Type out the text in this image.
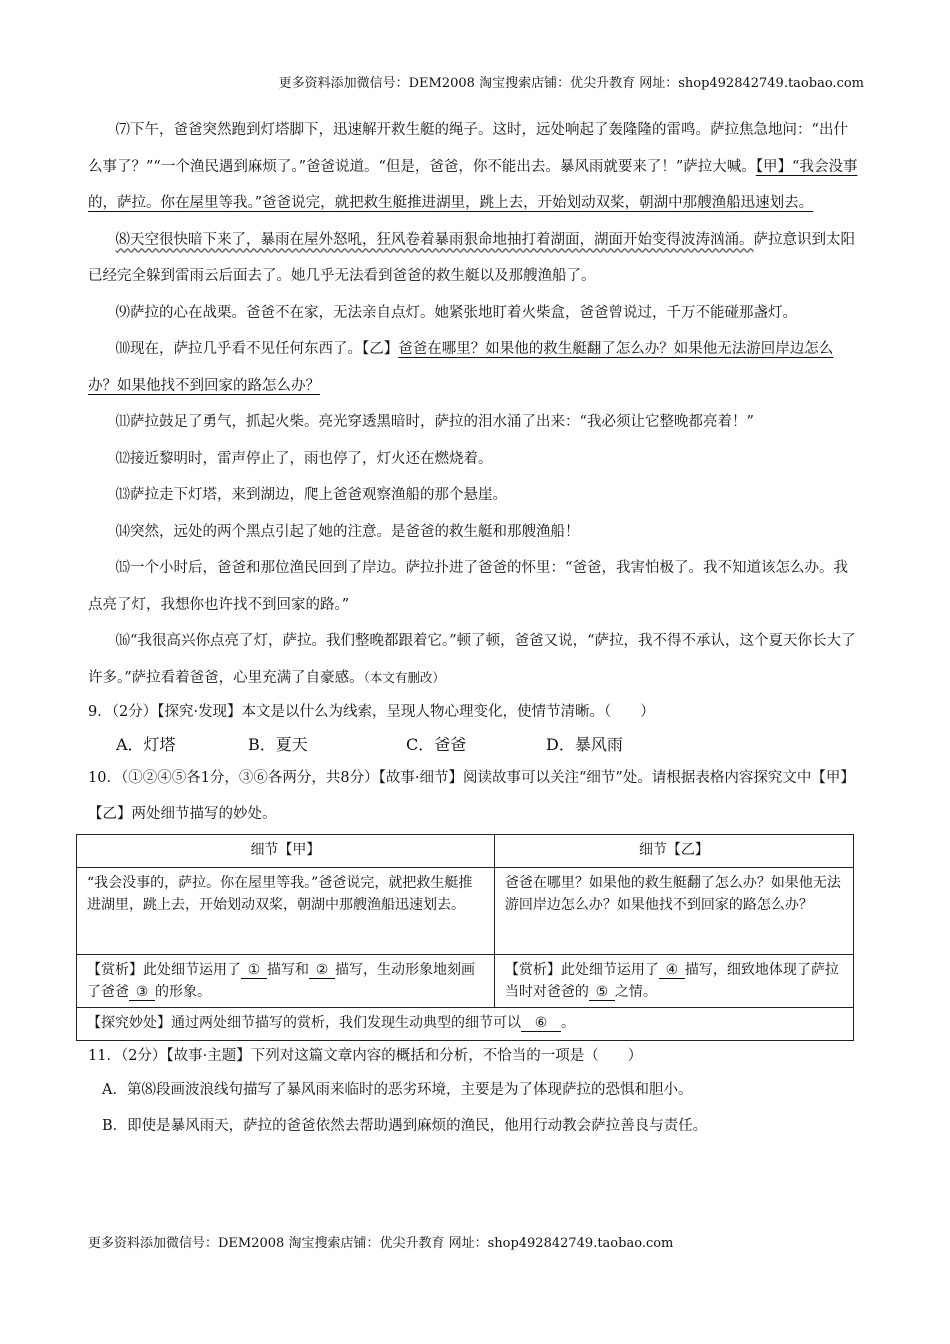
更多资料添加微信号：DEM2008 淘宝搜索店铺：优尖升教育 网址：shop492842749.taobao.com

⑺下午，爸爸突然跑到灯塔脚下，迅速解开救生艇的绳子。这时，远处响起了轰隆隆的雷鸣。萨拉焦急地问：“出什么事了？”“一个渔民遇到麻烦了。”爸爸说道。“但是，爸爸，你不能出去。暴风雨就要来了！”萨拉大喊。【甲】“我会没事的，萨拉。你在屋里等我。”爸爸说完，就把救生艇推进湖里，跳上去，开始划动双桨，朝湖中那艘渔船迅速划去。

⑻天空很快暗下来了，暴雨在屋外怒吼，狂风卷着暴雨狠命地抽打着湖面，湖面开始变得波涛汹涌。萨拉意识到太阳已经完全躲到雷雨云后面去了。她几乎无法看到爸爸的救生艇以及那艘渔船了。

⑼萨拉的心在战栗。爸爸不在家，无法亲自点灯。她紧张地盯着火柴盒，爸爸曾说过，千万不能碰那盏灯。

⑽现在，萨拉几乎看不见任何东西了。【乙】爸爸在哪里？如果他的救生艇翻了怎么办？如果他无法游回岸边怎么办？如果他找不到回家的路怎么办？

⑾萨拉鼓足了勇气，抓起火柴。亮光穿透黑暗时，萨拉的泪水涌了出来：“我必须让它整晚都亮着！”

⑿接近黎明时，雷声停止了，雨也停了，灯火还在燃烧着。

⒀萨拉走下灯塔，来到湖边，爬上爸爸观察渔船的那个悬崖。

⒁突然，远处的两个黑点引起了她的注意。是爸爸的救生艇和那艘渔船！

⒂一个小时后，爸爸和那位渔民回到了岸边。萨拉扑进了爸爸的怀里：“爸爸，我害怕极了。我不知道该怎么办。我点亮了灯，我想你也许找不到回家的路。”

⒃“我很高兴你点亮了灯，萨拉。我们整晚都跟着它。”顿了顿，爸爸又说，“萨拉，我不得不承认，这个夏天你长大了许多。”萨拉看着爸爸，心里充满了自豪感。（本文有删改）

9．（2分）【探究·发现】本文是以什么为线索，呈现人物心理变化，使情节清晰。（　　）

A．灯塔	B．夏天	C．爸爸	D．暴风雨

10．（①②④⑤各1分，③⑥各两分，共8分）【故事·细节】阅读故事可以关注“细节”处。请根据表格内容探究文中【甲】【乙】两处细节描写的妙处。

细节【甲】	细节【乙】
“我会没事的，萨拉。你在屋里等我。”爸爸说完，就把救生艇推进湖里，跳上去，开始划动双桨，朝湖中那艘渔船迅速划去。	爸爸在哪里？如果他的救生艇翻了怎么办？如果他无法游回岸边怎么办？如果他找不到回家的路怎么办？
【赏析】此处细节运用了 ① 描写和 ② 描写，生动形象地刻画了爸爸 ③ 的形象。	【赏析】此处细节运用了 ④ 描写，细致地体现了萨拉当时对爸爸的 ⑤ 之情。
【探究妙处】通过两处细节描写的赏析，我们发现生动典型的细节可以 ⑥ 。	

11．（2分）【故事·主题】下列对这篇文章内容的概括和分析，不恰当的一项是（　　）

A．第⑻段画波浪线句描写了暴风雨来临时的恶劣环境，主要是为了体现萨拉的恐惧和胆小。

B．即使是暴风雨天，萨拉的爸爸依然去帮助遇到麻烦的渔民，他用行动教会萨拉善良与责任。

更多资料添加微信号：DEM2008 淘宝搜索店铺：优尖升教育 网址：shop492842749.taobao.com
